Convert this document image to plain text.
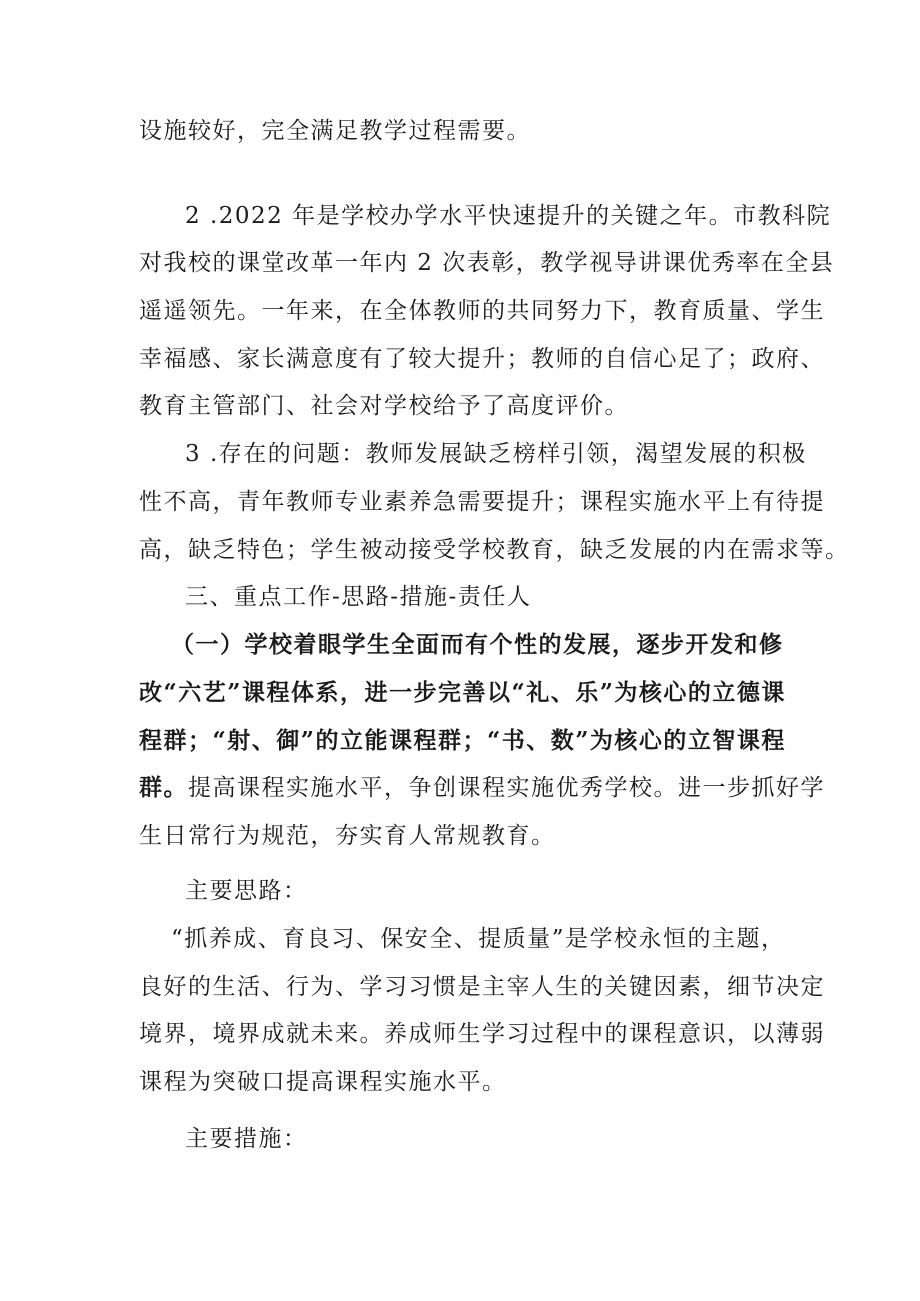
设施较好，完全满足教学过程需要。
2 .2022 年是学校办学水平快速提升的关键之年。市教科院
对我校的课堂改革一年内 2 次表彰，教学视导讲课优秀率在全县
遥遥领先。一年来，在全体教师的共同努力下，教育质量、学生
幸福感、家长满意度有了较大提升；教师的自信心足了；政府、
教育主管部门、社会对学校给予了高度评价。
3 .存在的问题：教师发展缺乏榜样引领，渴望发展的积极
性不高，青年教师专业素养急需要提升；课程实施水平上有待提
高，缺乏特色；学生被动接受学校教育，缺乏发展的内在需求等。
三、重点工作-思路-措施-责任人
（一）学校着眼学生全面而有个性的发展，逐步开发和修
改“六艺”课程体系，进一步完善以“礼、乐”为核心的立德课
程群；“射、御”的立能课程群；“书、数”为核心的立智课程
群。提高课程实施水平，争创课程实施优秀学校。进一步抓好学
生日常行为规范，夯实育人常规教育。
主要思路：
“抓养成、育良习、保安全、提质量”是学校永恒的主题，
良好的生活、行为、学习习惯是主宰人生的关键因素，细节决定
境界，境界成就未来。养成师生学习过程中的课程意识，以薄弱
课程为突破口提高课程实施水平。
主要措施：
